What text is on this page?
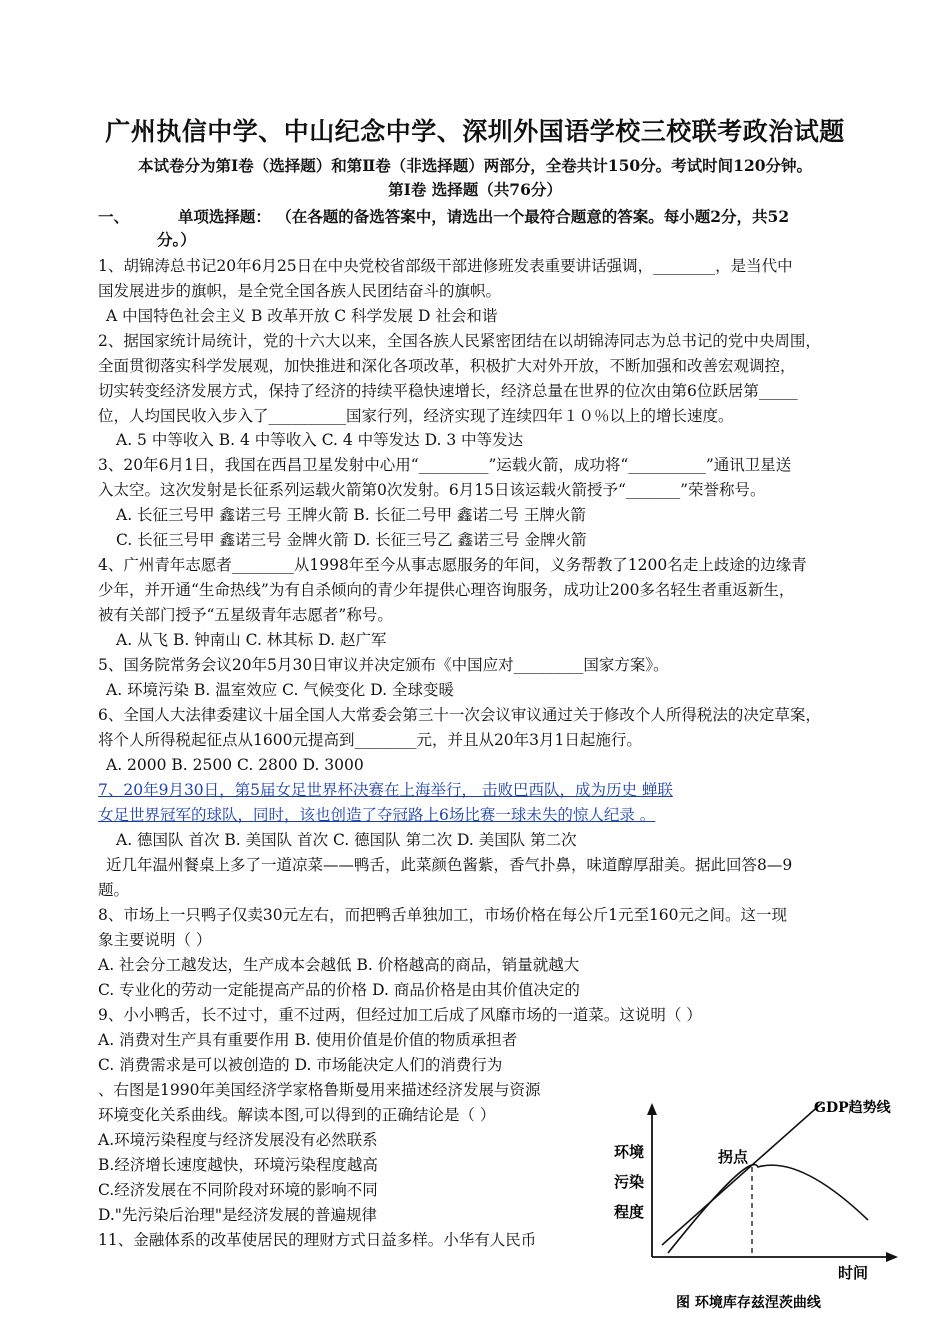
广州执信中学、中山纪念中学、深圳外国语学校三校联考政治试题
本试卷分为第Ⅰ卷（选择题）和第Ⅱ卷（非选择题）两部分，全卷共计150分。考试时间120分钟。
第Ⅰ卷 选择题（共76分）
一、	单项选择题： （在各题的备选答案中，请选出一个最符合题意的答案。每小题2分，共52
分。）
1、胡锦涛总书记20年6月25日在中央党校省部级干部进修班发表重要讲话强调，________，是当代中
国发展进步的旗帜，是全党全国各族人民团结奋斗的旗帜。
A 中国特色社会主义 B 改革开放 C 科学发展 D 社会和谐
2、据国家统计局统计，党的十六大以来，全国各族人民紧密团结在以胡锦涛同志为总书记的党中央周围，
全面贯彻落实科学发展观，加快推进和深化各项改革，积极扩大对外开放，不断加强和改善宏观调控，
切实转变经济发展方式，保持了经济的持续平稳快速增长，经济总量在世界的位次由第6位跃居第_____
位，人均国民收入步入了__________国家行列，经济实现了连续四年１０％以上的增长速度。
A. 5 中等收入 B. 4 中等收入 C. 4 中等发达 D. 3 中等发达
3、20年6月1日，我国在西昌卫星发射中心用“_________”运载火箭，成功将“__________”通讯卫星送
入太空。这次发射是长征系列运载火箭第0次发射。6月15日该运载火箭授予“_______”荣誉称号。
A. 长征三号甲 鑫诺三号 王牌火箭 B. 长征二号甲 鑫诺二号 王牌火箭
C. 长征三号甲 鑫诺三号 金牌火箭 D. 长征三号乙 鑫诺三号 金牌火箭
4、广州青年志愿者________从1998年至今从事志愿服务的年间，义务帮教了1200名走上歧途的边缘青
少年，并开通“生命热线”为有自杀倾向的青少年提供心理咨询服务，成功让200多名轻生者重返新生，
被有关部门授予“五星级青年志愿者”称号。
A. 从飞 B. 钟南山 C. 林其标 D. 赵广军
5、国务院常务会议20年5月30日审议并决定颁布《中国应对_________国家方案》。
A. 环境污染 B. 温室效应 C. 气候变化 D. 全球变暖
6、全国人大法律委建议十届全国人大常委会第三十一次会议审议通过关于修改个人所得税法的决定草案，
将个人所得税起征点从1600元提高到________元，并且从20年3月1日起施行。
A. 2000 B. 2500 C. 2800 D. 3000
7、20年9月30日，第5届女足世界杯决赛在上海举行， 击败巴西队，成为历史 蝉联
女足世界冠军的球队，同时，该也创造了夺冠路上6场比赛一球未失的惊人纪录 。
A. 德国队 首次 B. 美国队 首次 C. 德国队 第二次 D. 美国队 第二次
近几年温州餐桌上多了一道凉菜——鸭舌，此菜颜色酱紫，香气扑鼻，味道醇厚甜美。据此回答8—9
题。
8、市场上一只鸭子仅卖30元左右，而把鸭舌单独加工，市场价格在每公斤1元至160元之间。这一现
象主要说明（ ）
A. 社会分工越发达，生产成本会越低 B. 价格越高的商品，销量就越大
C. 专业化的劳动一定能提高产品的价格 D. 商品价格是由其价值决定的
9、小小鸭舌，长不过寸，重不过两，但经过加工后成了风靡市场的一道菜。这说明（ ）
A. 消费对生产具有重要作用 B. 使用价值是价值的物质承担者
C. 消费需求是可以被创造的 D. 市场能决定人们的消费行为
、右图是1990年美国经济学家格鲁斯曼用来描述经济发展与资源
环境变化关系曲线。解读本图,可以得到的正确结论是（ ）
A.环境污染程度与经济发展没有必然联系
B.经济增长速度越快，环境污染程度越高
C.经济发展在不同阶段对环境的影响不同
D."先污染后治理"是经济发展的普遍规律
11、金融体系的改革使居民的理财方式日益多样。小华有人民币
GDP趋势线
拐点
环境
污染
程度
时间
图 环境库存兹涅茨曲线
